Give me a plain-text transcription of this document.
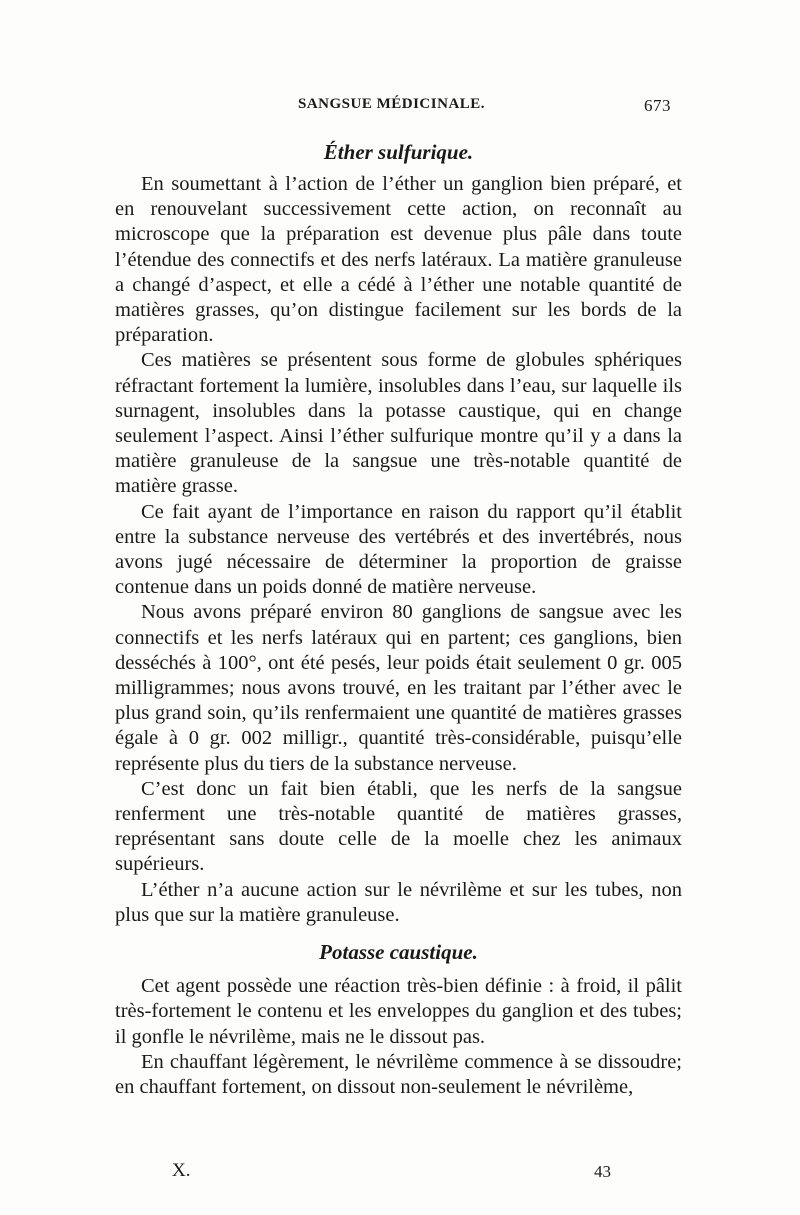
SANGSUE MÉDICINALE.	673
Éther sulfurique.

En soumettant à l’action de l’éther un ganglion bien préparé, et en renouvelant successivement cette action, on reconnaît au microscope que la préparation est devenue plus pâle dans toute l’étendue des connectifs et des nerfs latéraux. La matière granuleuse a changé d’aspect, et elle a cédé à l’éther une notable quantité de matières grasses, qu’on distingue facilement sur les bords de la préparation.

Ces matières se présentent sous forme de globules sphériques réfractant fortement la lumière, insolubles dans l’eau, sur laquelle ils surnagent, insolubles dans la potasse caustique, qui en change seulement l’aspect. Ainsi l’éther sulfurique montre qu’il y a dans la matière granuleuse de la sangsue une très-notable quantité de matière grasse.

Ce fait ayant de l’importance en raison du rapport qu’il établit entre la substance nerveuse des vertébrés et des invertébrés, nous avons jugé nécessaire de déterminer la proportion de graisse contenue dans un poids donné de matière nerveuse.

Nous avons préparé environ 80 ganglions de sangsue avec les connectifs et les nerfs latéraux qui en partent; ces ganglions, bien desséchés à 100°, ont été pesés, leur poids était seulement 0 gr. 005 milligrammes; nous avons trouvé, en les traitant par l’éther avec le plus grand soin, qu’ils renfermaient une quantité de matières grasses égale à 0 gr. 002 milligr., quantité très-considérable, puisqu’elle représente plus du tiers de la substance nerveuse.

C’est donc un fait bien établi, que les nerfs de la sangsue renferment une très-notable quantité de matières grasses, représentant sans doute celle de la moelle chez les animaux supérieurs.

L’éther n’a aucune action sur le névrilème et sur les tubes, non plus que sur la matière granuleuse.

Potasse caustique.

Cet agent possède une réaction très-bien définie : à froid, il pâlit très-fortement le contenu et les enveloppes du ganglion et des tubes; il gonfle le névrilème, mais ne le dissout pas.

En chauffant légèrement, le névrilème commence à se dissoudre; en chauffant fortement, on dissout non-seulement le névrilème,

X.	43
